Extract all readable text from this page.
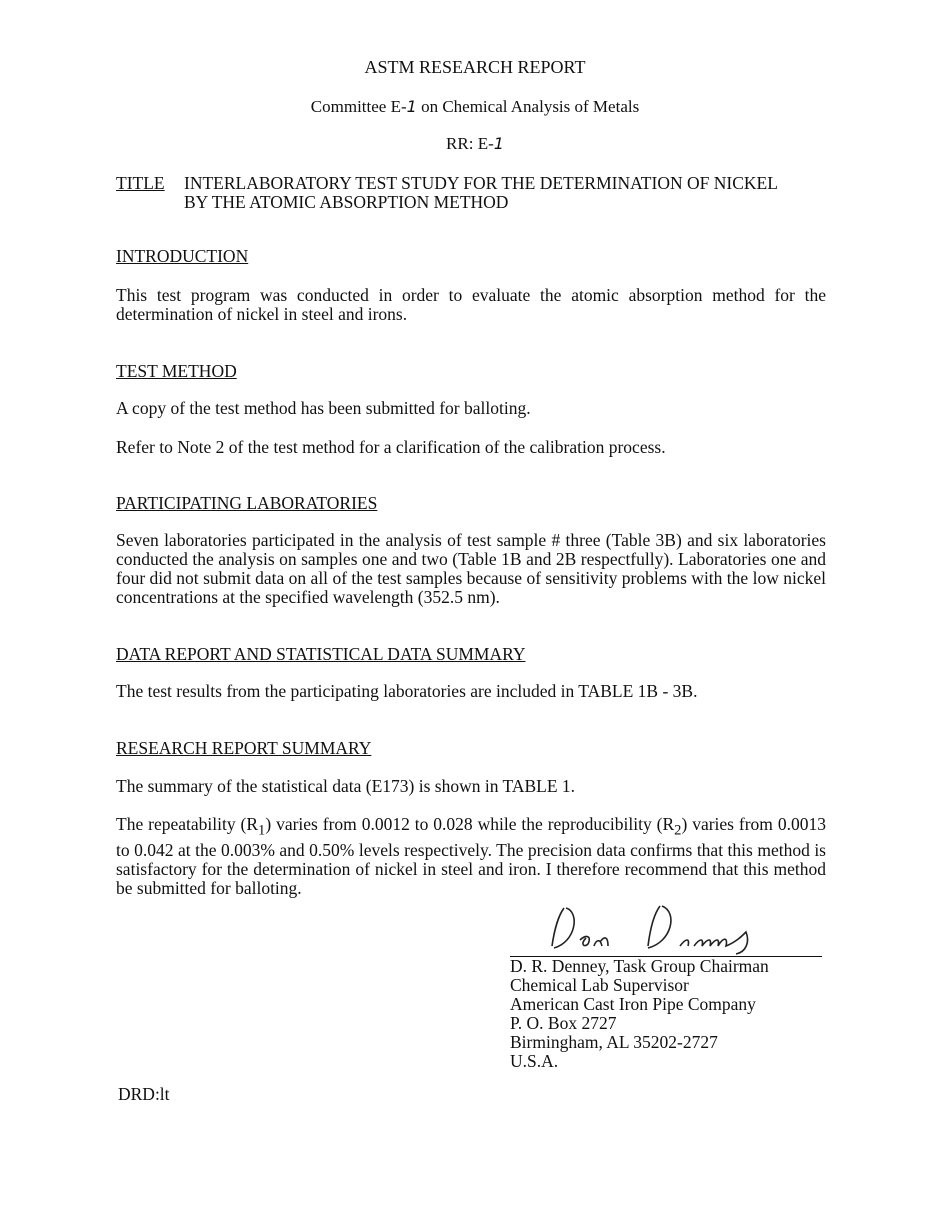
ASTM RESEARCH REPORT
Committee E-1 on Chemical Analysis of Metals
RR: E-1
TITLE INTERLABORATORY TEST STUDY FOR THE DETERMINATION OF NICKEL
BY THE ATOMIC ABSORPTION METHOD
INTRODUCTION

This test program was conducted in order to evaluate the atomic absorption method for the determination of nickel in steel and irons.

TEST METHOD

A copy of the test method has been submitted for balloting.

Refer to Note 2 of the test method for a clarification of the calibration process.

PARTICIPATING LABORATORIES

Seven laboratories participated in the analysis of test sample # three (Table 3B) and six laboratories conducted the analysis on samples one and two (Table 1B and 2B respectfully). Laboratories one and four did not submit data on all of the test samples because of sensitivity problems with the low nickel concentrations at the specified wavelength (352.5 nm).

DATA REPORT AND STATISTICAL DATA SUMMARY

The test results from the participating laboratories are included in TABLE 1B - 3B.

RESEARCH REPORT SUMMARY

The summary of the statistical data (E173) is shown in TABLE 1.

The repeatability $(R_1)$ varies from 0.0012 to 0.028 while the reproducibility $(R_2)$ varies from 0.0013 to 0.042 at the 0.003% and 0.50% levels respectively. The precision data confirms that this method is satisfactory for the determination of nickel in steel and iron. I therefore recommend that this method be submitted for balloting.

D. R. Denney, Task Group Chairman
Chemical Lab Supervisor
American Cast Iron Pipe Company
P. O. Box 2727
Birmingham, AL 35202-2727
U.S.A.
DRD:lt
